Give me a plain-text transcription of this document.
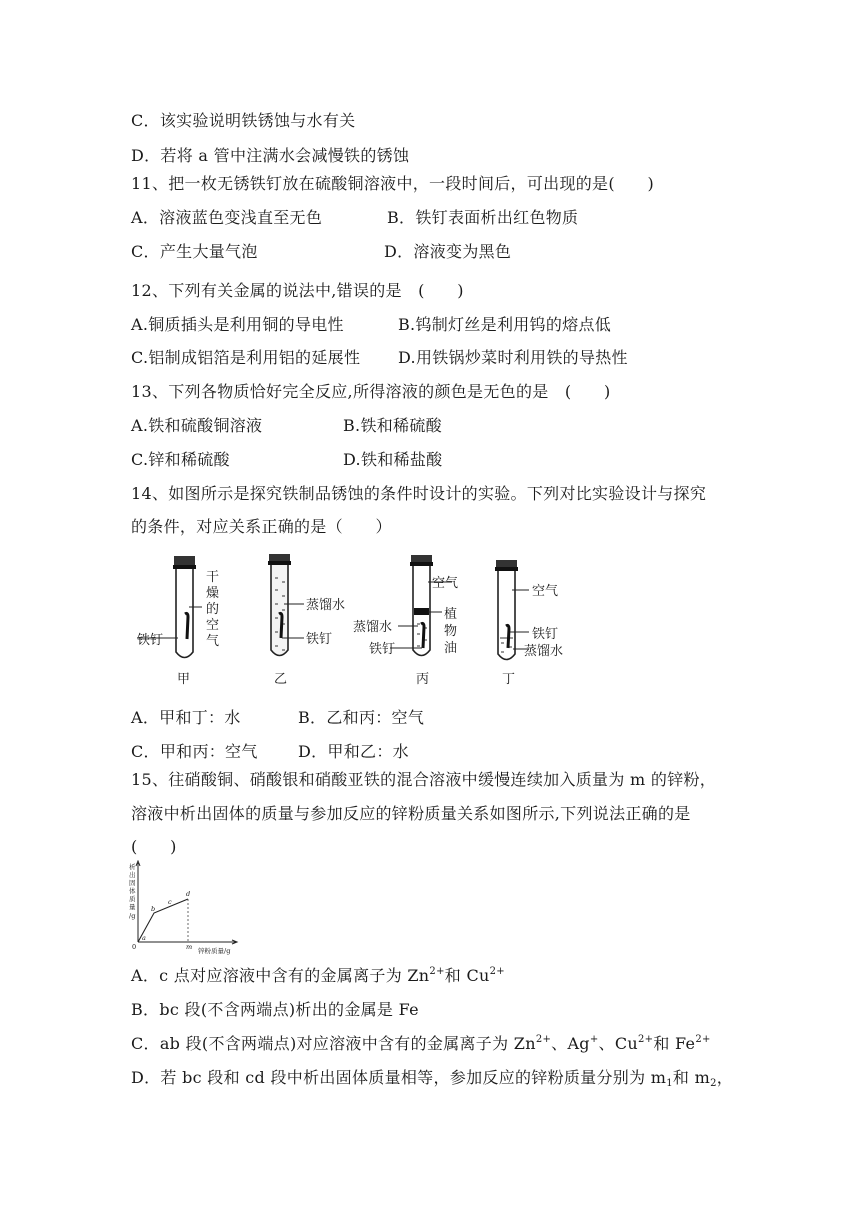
C．该实验说明铁锈蚀与水有关
D．若将 a 管中注满水会减慢铁的锈蚀
11、把一枚无锈铁钉放在硫酸铜溶液中，一段时间后，可出现的是(　　)
A．溶液蓝色变浅直至无色	B．铁钉表面析出红色物质
C．产生大量气泡	D．溶液变为黑色
12、下列有关金属的说法中,错误的是　(　　)
A.铜质插头是利用铜的导电性	B.钨制灯丝是利用钨的熔点低
C.铝制成铝箔是利用铝的延展性 D.用铁锅炒菜时利用铁的导热性
13、下列各物质恰好完全反应,所得溶液的颜色是无色的是　(　　)
A.铁和硫酸铜溶液	B.铁和稀硫酸
C.锌和稀硫酸	D.铁和稀盐酸
14、如图所示是探究铁制品锈蚀的条件时设计的实验。下列对比实验设计与探究
的条件，对应关系正确的是（　　）
铁钉
干
燥
的
空
气
甲
蒸馏水
铁钉
乙
空气
植
物
油
蒸馏水
铁钉
丙
空气
铁钉
蒸馏水
丁
A．甲和丁：水	B．乙和丙：空气
C．甲和丙：空气	D．甲和乙：水
15、往硝酸铜、硝酸银和硝酸亚铁的混合溶液中缓慢连续加入质量为 m 的锌粉，
溶液中析出固体的质量与参加反应的锌粉质量关系如图所示,下列说法正确的是
(　　)
析
出
固
体
质
量
/g
0
a
b
c
d
m 锌粉质量/g
A．c 点对应溶液中含有的金属离子为 $Zn^{2+}$和 $Cu^{2+}$
B．bc 段(不含两端点)析出的金属是 Fe
C．ab 段(不含两端点)对应溶液中含有的金属离子为 $Zn^{2+}$、Ag+、$Cu^{2+}$和 $Fe^{2+}$
D．若 bc 段和 cd 段中析出固体质量相等，参加反应的锌粉质量分别为 $m_1$和 $m_2$，
